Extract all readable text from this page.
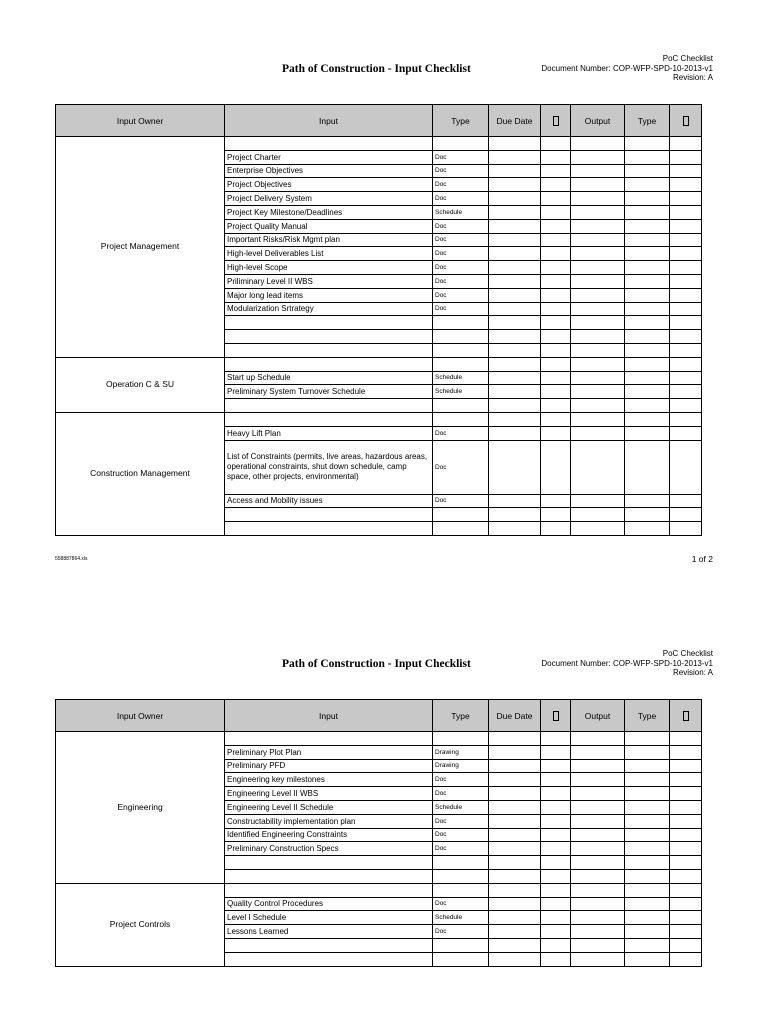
Path of Construction - Input Checklist
PoC Checklist
Document Number: COP-WFP-SPD-10-2013-v1
Revision: A
Input Owner	Input	Type	Due Date		Output	Type	
Project Management							
	Project Charter	Doc					
	Enterprise Objectives	Doc					
	Project Objectives	Doc					
	Project Delivery System	Doc					
	Project Key Milestone/Deadlines	Schedule					
	Project Quality Manual	Doc					
	Important Risks/Risk Mgmt plan	Doc					
	High-level Deliverables List	Doc					
	High-level Scope	Doc					
	Priliminary Level II WBS	Doc					
	Major long lead items	Doc					
	Modularization Srtrategy	Doc					

Operation C & SU							
	Start up Schedule	Schedule					
	Preliminary System Turnover Schedule	Schedule					

Construction Management							
	Heavy Lift Plan	Doc					
	List of Constraints (permits, live areas, hazardous areas, operational constraints, shut down schedule, camp space, other projects, environmental)	Doc					
	Access and Mobility issues	Doc					

558887864.xls	1 of 2
Path of Construction - Input Checklist
PoC Checklist
Document Number: COP-WFP-SPD-10-2013-v1
Revision: A
Input Owner	Input	Type	Due Date		Output	Type	
Engineering							
	Preliminary Plot Plan	Drawing					
	Preliminary PFD	Drawing					
	Engineering key milestones	Doc					
	Engineering Level II WBS	Doc					
	Engineering Level II Schedule	Schedule					
	Constructability implementation plan	Doc					
	Identified Engineering Constraints	Doc					
	Preliminary Construction Specs	Doc					

Project Controls							
	Quality Control Procedures	Doc					
	Level I Schedule	Schedule					
	Lessons Learned	Doc					
